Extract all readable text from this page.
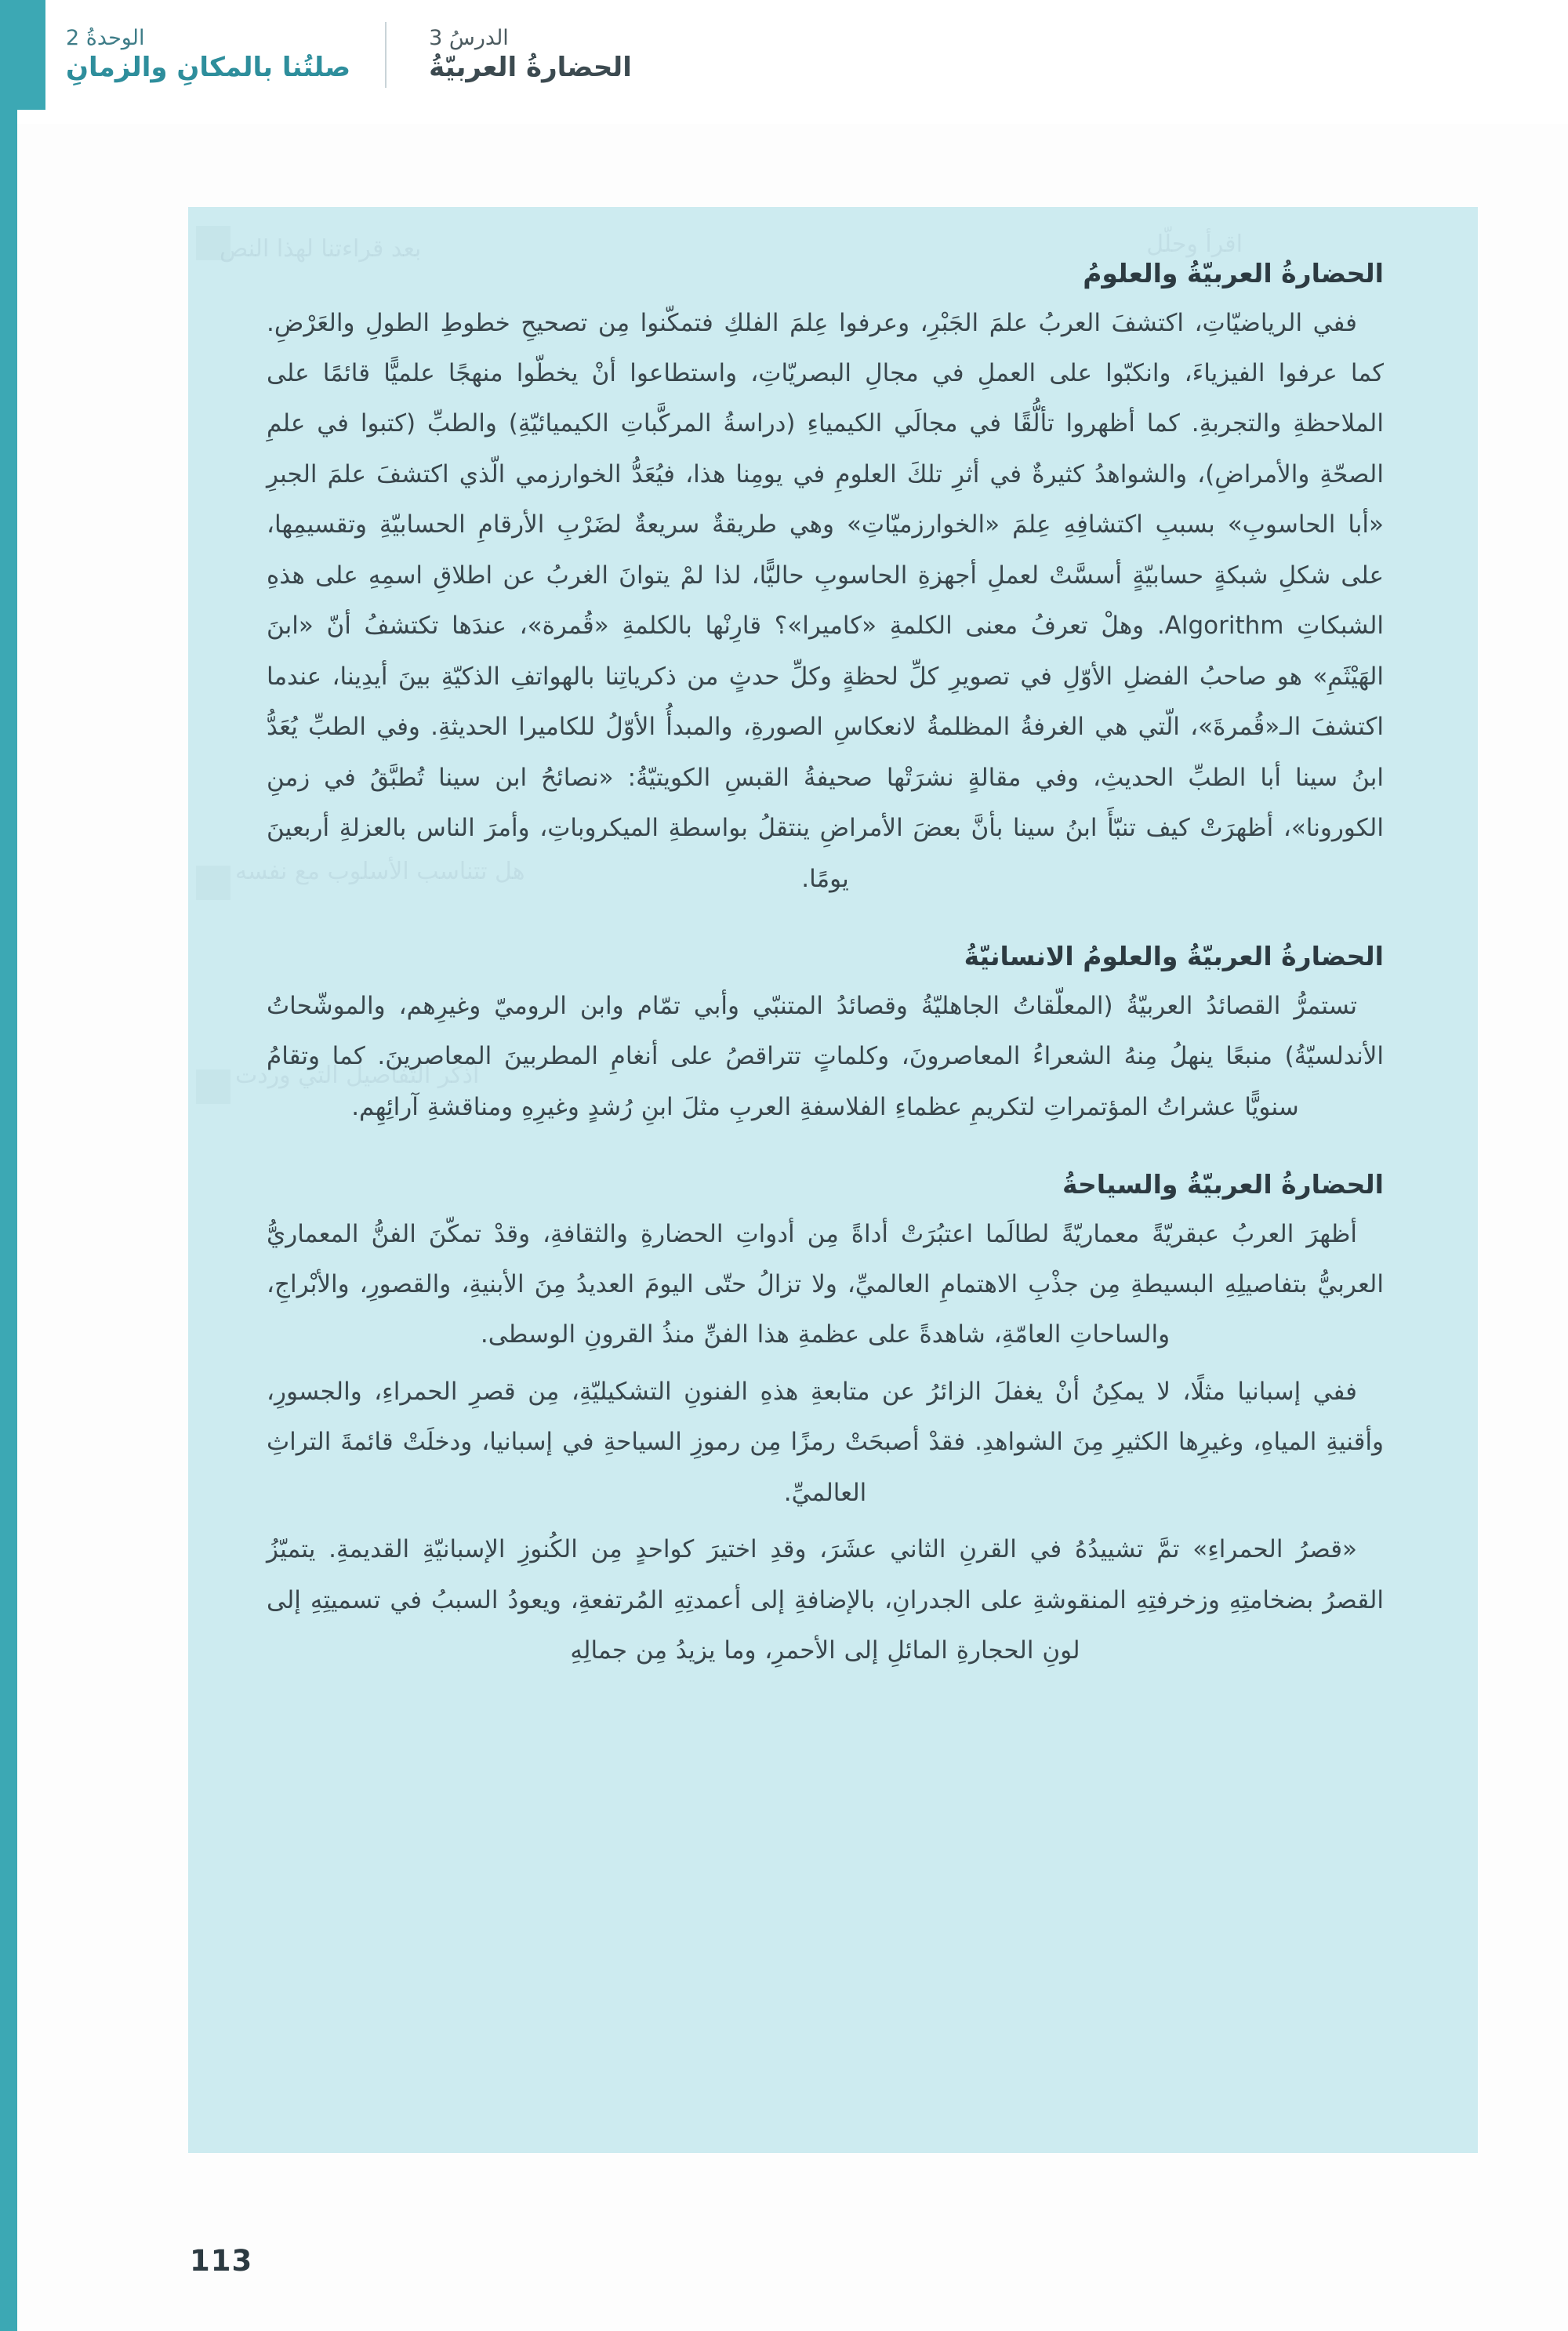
الوحدةُ 2
صلتُنا بالمكانِ والزمانِ
الدرسُ 3
الحضارةُ العربيّةُ
اقرأ وحلّل
بعد قراءتنا لهذا النص
هل تتناسب الأسلوب مع نفسه
اذكر التفاصيل التي وردت
الحضارةُ العربيّةُ والعلومُ

ففي الرياضيّاتِ، اكتشفَ العربُ علمَ الجَبْرِ، وعرفوا عِلمَ الفلكِ فتمكّنوا مِن تصحيحِ خطوطِ الطولِ والعَرْضِ. كما عرفوا الفيزياءَ، وانكبّوا على العملِ في مجالِ البصريّاتِ، واستطاعوا أنْ يخطّوا منهجًا علميًّا قائمًا على الملاحظةِ والتجربةِ. كما أظهروا تألُّقًا في مجالَي الكيمياءِ (دراسةُ المركَّباتِ الكيميائيّةِ) والطبِّ (كتبوا في علمِ الصحّةِ والأمراضِ)، والشواهدُ كثيرةٌ في أثرِ تلكَ العلومِ في يومِنا هذا، فيُعَدُّ الخوارزمي الّذي اكتشفَ علمَ الجبرِ «أبا الحاسوبِ» بسببِ اكتشافِهِ عِلمَ «الخوارزميّاتِ» وهي طريقةٌ سريعةٌ لضَرْبِ الأرقامِ الحسابيّةِ وتقسيمِها، على شكلِ شبكةٍ حسابيّةٍ أسسَّتْ لعملِ أجهزةِ الحاسوبِ حاليًّا، لذا لمْ يتوانَ الغربُ عن اطلاقِ اسمِهِ على هذهِ الشبكاتِ Algorithm. وهلْ تعرفُ معنى الكلمةِ «كاميرا»؟ قارِنْها بالكلمةِ «قُمرة»، عندَها تكتشفُ أنّ «ابنَ الهَيْثَمِ» هو صاحبُ الفضلِ الأوّلِ في تصويرِ كلِّ لحظةٍ وكلِّ حدثٍ من ذكرياتِنا بالهواتفِ الذكيّةِ بينَ أيدِينا، عندما اكتشفَ الـ«قُمرةَ»، الّتي هي الغرفةُ المظلمةُ لانعكاسِ الصورةِ، والمبدأُ الأوّلُ للكاميرا الحديثةِ. وفي الطبِّ يُعَدُّ ابنُ سينا أبا الطبِّ الحديثِ، وفي مقالةٍ نشرَتْها صحيفةُ القبسِ الكويتيّةُ: «نصائحُ ابن سينا تُطبَّقُ في زمنِ الكورونا»، أظهرَتْ كيف تنبّأَ ابنُ سينا بأنَّ بعضَ الأمراضِ ينتقلُ بواسطةِ الميكروباتِ، وأمرَ الناس بالعزلةِ أربعينَ يومًا.

الحضارةُ العربيّةُ والعلومُ الانسانيّةُ

تستمرُّ القصائدُ العربيّةُ (المعلّقاتُ الجاهليّةُ وقصائدُ المتنبّي وأبي تمّام وابن الروميّ وغيرِهم، والموشّحاتُ الأندلسيّةُ) منبعًا ينهلُ مِنهُ الشعراءُ المعاصرونَ، وكلماتٍ تتراقصُ على أنغامِ المطربينَ المعاصرينَ. كما وتقامُ سنويًّا عشراتُ المؤتمراتِ لتكريمِ عظماءِ الفلاسفةِ العربِ مثلَ ابنِ رُشدٍ وغيرِهِ ومناقشةِ آرائِهِم.

الحضارةُ العربيّةُ والسياحةُ

أظهرَ العربُ عبقريّةً معماريّةً لطالَما اعتبُرَتْ أداةً مِن أدواتِ الحضارةِ والثقافةِ، وقدْ تمكّنَ الفنُّ المعماريُّ العربيُّ بتفاصيلِهِ البسيطةِ مِن جذْبِ الاهتمامِ العالميِّ، ولا تزالُ حتّى اليومَ العديدُ مِنَ الأبنيةِ، والقصورِ، والأبْراجِ، والساحاتِ العامّةِ، شاهدةً على عظمةِ هذا الفنِّ منذُ القرونِ الوسطى.

ففي إسبانيا مثلًا، لا يمكِنُ أنْ يغفلَ الزائرُ عن متابعةِ هذهِ الفنونِ التشكيليّةِ، مِن قصرِ الحمراءِ، والجسورِ، وأقنيةِ المياهِ، وغيرِها الكثيرِ مِنَ الشواهدِ. فقدْ أصبحَتْ رمزًا مِن رموزِ السياحةِ في إسبانيا، ودخلَتْ قائمةَ التراثِ العالميِّ.

«قصرُ الحمراءِ» تمَّ تشييدُهُ في القرنِ الثاني عشَرَ، وقدِ اختيرَ كواحدٍ مِن الكُنوزِ الإسبانيّةِ القديمةِ. يتميّزُ القصرُ بضخامتِهِ وزخرفتِهِ المنقوشةِ على الجدرانِ، بالإضافةِ إلى أعمدتِهِ المُرتفعةِ، ويعودُ السببُ في تسميتِهِ إلى لونِ الحجارةِ المائلِ إلى الأحمرِ، وما يزيدُ مِن جمالِهِ

113
